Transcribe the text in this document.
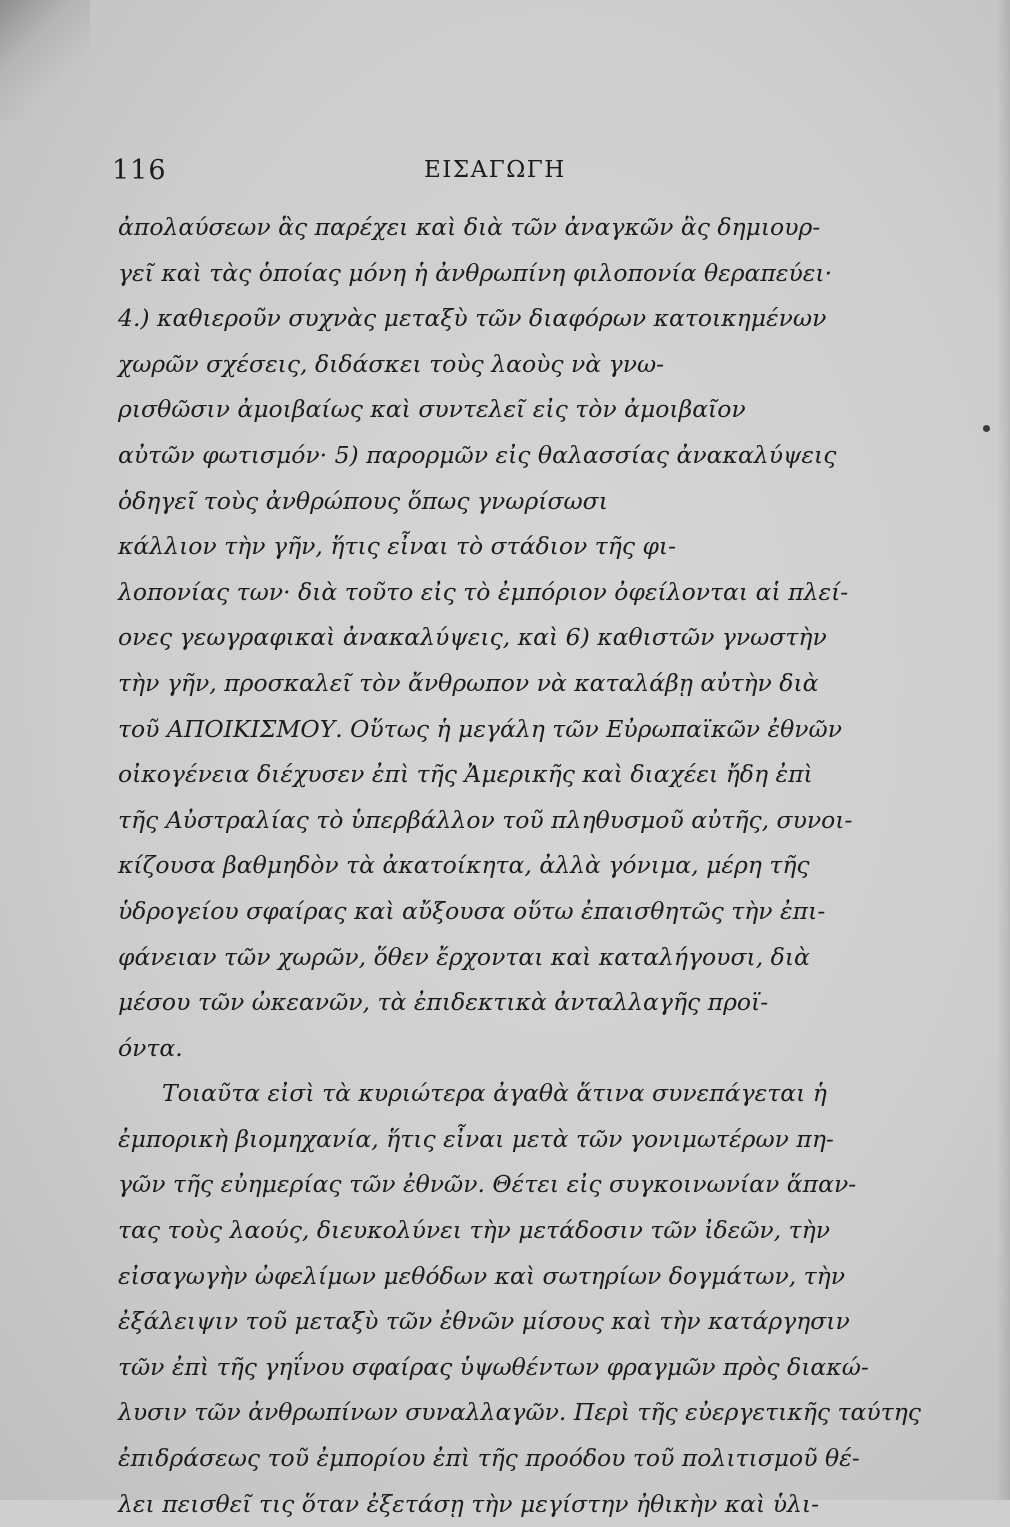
116	ΕΙΣΑΓΩΓΗ
ἀπολαύσεων ἃς παρέχει καὶ διὰ τῶν ἀναγκῶν ἃς δημιουρ-
γεῖ καὶ τὰς ὁποίας μόνη ἡ ἀνθρωπίνη φιλοπονία θεραπεύει·
4.) καθιεροῦν συχνὰς μεταξὺ τῶν διαφόρων κατοικημένων
χωρῶν σχέσεις, διδάσκει τοὺς λαοὺς νὰ γνω-
ρισθῶσιν ἀμοιβαίως καὶ συντελεῖ εἰς τὸν ἀμοιβαῖον
αὐτῶν φωτισμόν· 5) παρορμῶν εἰς θαλασσίας ἀνακαλύψεις
ὁδηγεῖ τοὺς ἀνθρώπους ὅπως γνωρίσωσι
κάλλιον τὴν γῆν, ἥτις εἶναι τὸ στάδιον τῆς φι-
λοπονίας των· διὰ τοῦτο εἰς τὸ ἐμπόριον ὀφείλονται αἱ πλεί-
ονες γεωγραφικαὶ ἀνακαλύψεις, καὶ 6) καθιστῶν γνωστὴν
τὴν γῆν, προσκαλεῖ τὸν ἄνθρωπον νὰ καταλάβῃ αὐτὴν διὰ
τοῦ ΑΠΟΙΚΙΣΜΟΥ. Οὕτως ἡ μεγάλη τῶν Εὐρωπαϊκῶν ἐθνῶν
οἰκογένεια διέχυσεν ἐπὶ τῆς Ἀμερικῆς καὶ διαχέει ἤδη ἐπὶ
τῆς Αὐστραλίας τὸ ὑπερβάλλον τοῦ πληθυσμοῦ αὐτῆς, συνοι-
κίζουσα βαθμηδὸν τὰ ἀκατοίκητα, ἀλλὰ γόνιμα, μέρη τῆς
ὑδρογείου σφαίρας καὶ αὔξουσα οὕτω ἐπαισθητῶς τὴν ἐπι-
φάνειαν τῶν χωρῶν, ὅθεν ἔρχονται καὶ καταλήγουσι, διὰ
μέσου τῶν ὠκεανῶν, τὰ ἐπιδεκτικὰ ἀνταλλαγῆς προϊ-
όντα.
Τοιαῦτα εἰσὶ τὰ κυριώτερα ἀγαθὰ ἅτινα συνεπάγεται ἡ
ἐμπορικὴ βιομηχανία, ἥτις εἶναι μετὰ τῶν γονιμωτέρων πη-
γῶν τῆς εὐημερίας τῶν ἐθνῶν. Θέτει εἰς συγκοινωνίαν ἅπαν-
τας τοὺς λαούς, διευκολύνει τὴν μετάδοσιν τῶν ἰδεῶν, τὴν
εἰσαγωγὴν ὠφελίμων μεθόδων καὶ σωτηρίων δογμάτων, τὴν
ἐξάλειψιν τοῦ μεταξὺ τῶν ἐθνῶν μίσους καὶ τὴν κατάργησιν
τῶν ἐπὶ τῆς γηΐνου σφαίρας ὑψωθέντων φραγμῶν πρὸς διακώ-
λυσιν τῶν ἀνθρωπίνων συναλλαγῶν. Περὶ τῆς εὐεργετικῆς ταύτης
ἐπιδράσεως τοῦ ἐμπορίου ἐπὶ τῆς προόδου τοῦ πολιτισμοῦ θέ-
λει πεισθεῖ τις ὅταν ἐξετάσῃ τὴν μεγίστην ἠθικὴν καὶ ὑλι-
